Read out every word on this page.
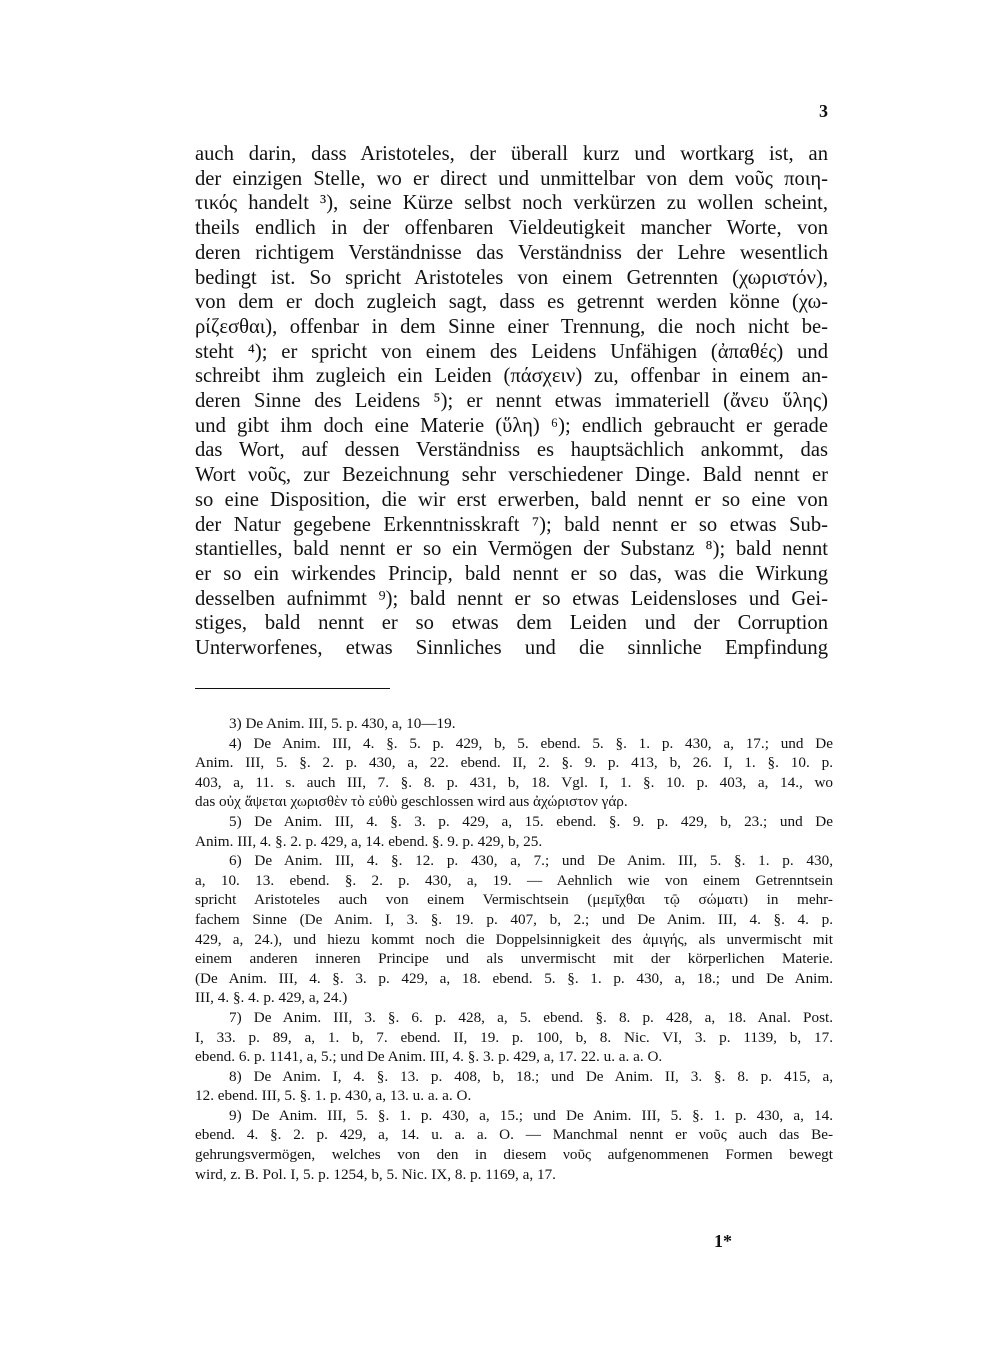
3
auch darin, dass Aristoteles, der überall kurz und wortkarg ist, an
der einzigen Stelle, wo er direct und unmittelbar von dem νοῦς ποιη-
τικός handelt ³), seine Kürze selbst noch verkürzen zu wollen scheint,
theils endlich in der offenbaren Vieldeutigkeit mancher Worte, von
deren richtigem Verständnisse das Verständniss der Lehre wesentlich
bedingt ist. So spricht Aristoteles von einem Getrennten (χωριστόν),
von dem er doch zugleich sagt, dass es getrennt werden könne (χω-
ρίζεσθαι), offenbar in dem Sinne einer Trennung, die noch nicht be-
steht ⁴); er spricht von einem des Leidens Unfähigen (ἀπαθές) und
schreibt ihm zugleich ein Leiden (πάσχειν) zu, offenbar in einem an-
deren Sinne des Leidens ⁵); er nennt etwas immateriell (ἄνευ ὕλης)
und gibt ihm doch eine Materie (ὕλη) ⁶); endlich gebraucht er gerade
das Wort, auf dessen Verständniss es hauptsächlich ankommt, das
Wort νοῦς, zur Bezeichnung sehr verschiedener Dinge. Bald nennt er
so eine Disposition, die wir erst erwerben, bald nennt er so eine von
der Natur gegebene Erkenntnisskraft ⁷); bald nennt er so etwas Sub-
stantielles, bald nennt er so ein Vermögen der Substanz ⁸); bald nennt
er so ein wirkendes Princip, bald nennt er so das, was die Wirkung
desselben aufnimmt ⁹); bald nennt er so etwas Leidensloses und Gei-
stiges, bald nennt er so etwas dem Leiden und der Corruption
Unterworfenes, etwas Sinnliches und die sinnliche Empfindung
3) De Anim. III, 5. p. 430, a, 10—19.
4) De Anim. III, 4. §. 5. p. 429, b, 5. ebend. 5. §. 1. p. 430, a, 17.; und De
Anim. III, 5. §. 2. p. 430, a, 22. ebend. II, 2. §. 9. p. 413, b, 26. I, 1. §. 10. p.
403, a, 11. s. auch III, 7. §. 8. p. 431, b, 18. Vgl. I, 1. §. 10. p. 403, a, 14., wo
das οὐχ ἅψεται χωρισθὲν τὸ εὐθὺ geschlossen wird aus ἀχώριστον γάρ.
5) De Anim. III, 4. §. 3. p. 429, a, 15. ebend. §. 9. p. 429, b, 23.; und De
Anim. III, 4. §. 2. p. 429, a, 14. ebend. §. 9. p. 429, b, 25.
6) De Anim. III, 4. §. 12. p. 430, a, 7.; und De Anim. III, 5. §. 1. p. 430,
a, 10. 13. ebend. §. 2. p. 430, a, 19. — Aehnlich wie von einem Getrenntsein
spricht Aristoteles auch von einem Vermischtsein (μεμῖχθαι τῷ σώματι) in mehr-
fachem Sinne (De Anim. I, 3. §. 19. p. 407, b, 2.; und De Anim. III, 4. §. 4. p.
429, a, 24.), und hiezu kommt noch die Doppelsinnigkeit des ἀμιγής, als unvermischt mit
einem anderen inneren Principe und als unvermischt mit der körperlichen Materie.
(De Anim. III, 4. §. 3. p. 429, a, 18. ebend. 5. §. 1. p. 430, a, 18.; und De Anim.
III, 4. §. 4. p. 429, a, 24.)
7) De Anim. III, 3. §. 6. p. 428, a, 5. ebend. §. 8. p. 428, a, 18. Anal. Post.
I, 33. p. 89, a, 1. b, 7. ebend. II, 19. p. 100, b, 8. Nic. VI, 3. p. 1139, b, 17.
ebend. 6. p. 1141, a, 5.; und De Anim. III, 4. §. 3. p. 429, a, 17. 22. u. a. a. O.
8) De Anim. I, 4. §. 13. p. 408, b, 18.; und De Anim. II, 3. §. 8. p. 415, a,
12. ebend. III, 5. §. 1. p. 430, a, 13. u. a. a. O.
9) De Anim. III, 5. §. 1. p. 430, a, 15.; und De Anim. III, 5. §. 1. p. 430, a, 14.
ebend. 4. §. 2. p. 429, a, 14. u. a. a. O. — Manchmal nennt er νοῦς auch das Be-
gehrungsvermögen, welches von den in diesem νοῦς aufgenommenen Formen bewegt
wird, z. B. Pol. I, 5. p. 1254, b, 5. Nic. IX, 8. p. 1169, a, 17.
1*
